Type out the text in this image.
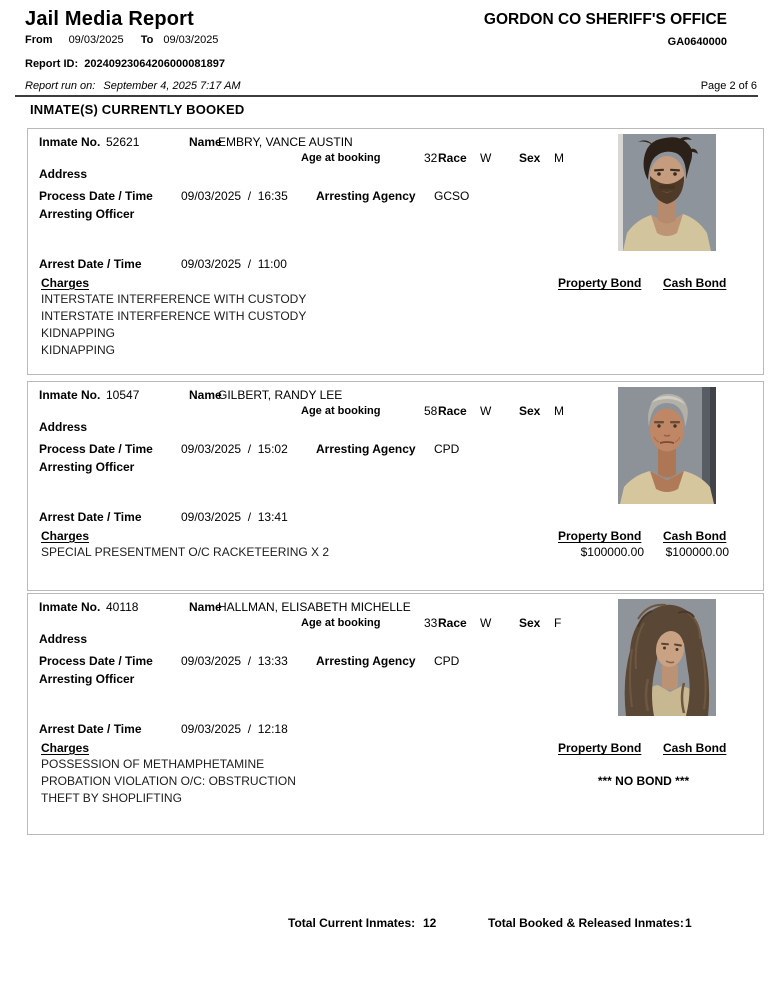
Jail Media Report	GORDON CO SHERIFF'S OFFICE
From 09/03/2025 To 09/03/2025	GA0640000
Report ID: 20240923064206000081897
Report run on: September 4, 2025 7:17 AM	Page 2 of 6
INMATE(S) CURRENTLY BOOKED
Inmate No. 52621	Name
EMBRY, VANCE AUSTIN
Age at booking	32 Race W Sex M
Address
Process Date / Time 09/03/2025  /  16:35 Arresting Agency GCSO
Arresting Officer
Arrest Date / Time	09/03/2025  /  11:00
Charges	Property Bond Cash Bond
INTERSTATE INTERFERENCE WITH CUSTODY
INTERSTATE INTERFERENCE WITH CUSTODY
KIDNAPPING
KIDNAPPING
Inmate No. 10547	Name
GILBERT, RANDY LEE
Age at booking	58 Race W Sex M
Address
Process Date / Time 09/03/2025  /  15:02 Arresting Agency CPD
Arresting Officer
Arrest Date / Time	09/03/2025  /  13:41
Charges	Property Bond Cash Bond
SPECIAL PRESENTMENT O/C RACKETEERING X 2	$100000.00	$100000.00
Inmate No. 40118	Name
HALLMAN, ELISABETH MICHELLE
Age at booking	33 Race W Sex F
Address
Process Date / Time 09/03/2025  /  13:33 Arresting Agency CPD
Arresting Officer
Arrest Date / Time	09/03/2025  /  12:18
Charges	Property Bond Cash Bond
POSSESSION OF METHAMPHETAMINE
PROBATION VIOLATION O/C: OBSTRUCTION	*** NO BOND ***
THEFT BY SHOPLIFTING
Total Current Inmates: 12	Total Booked & Released Inmates: 1
